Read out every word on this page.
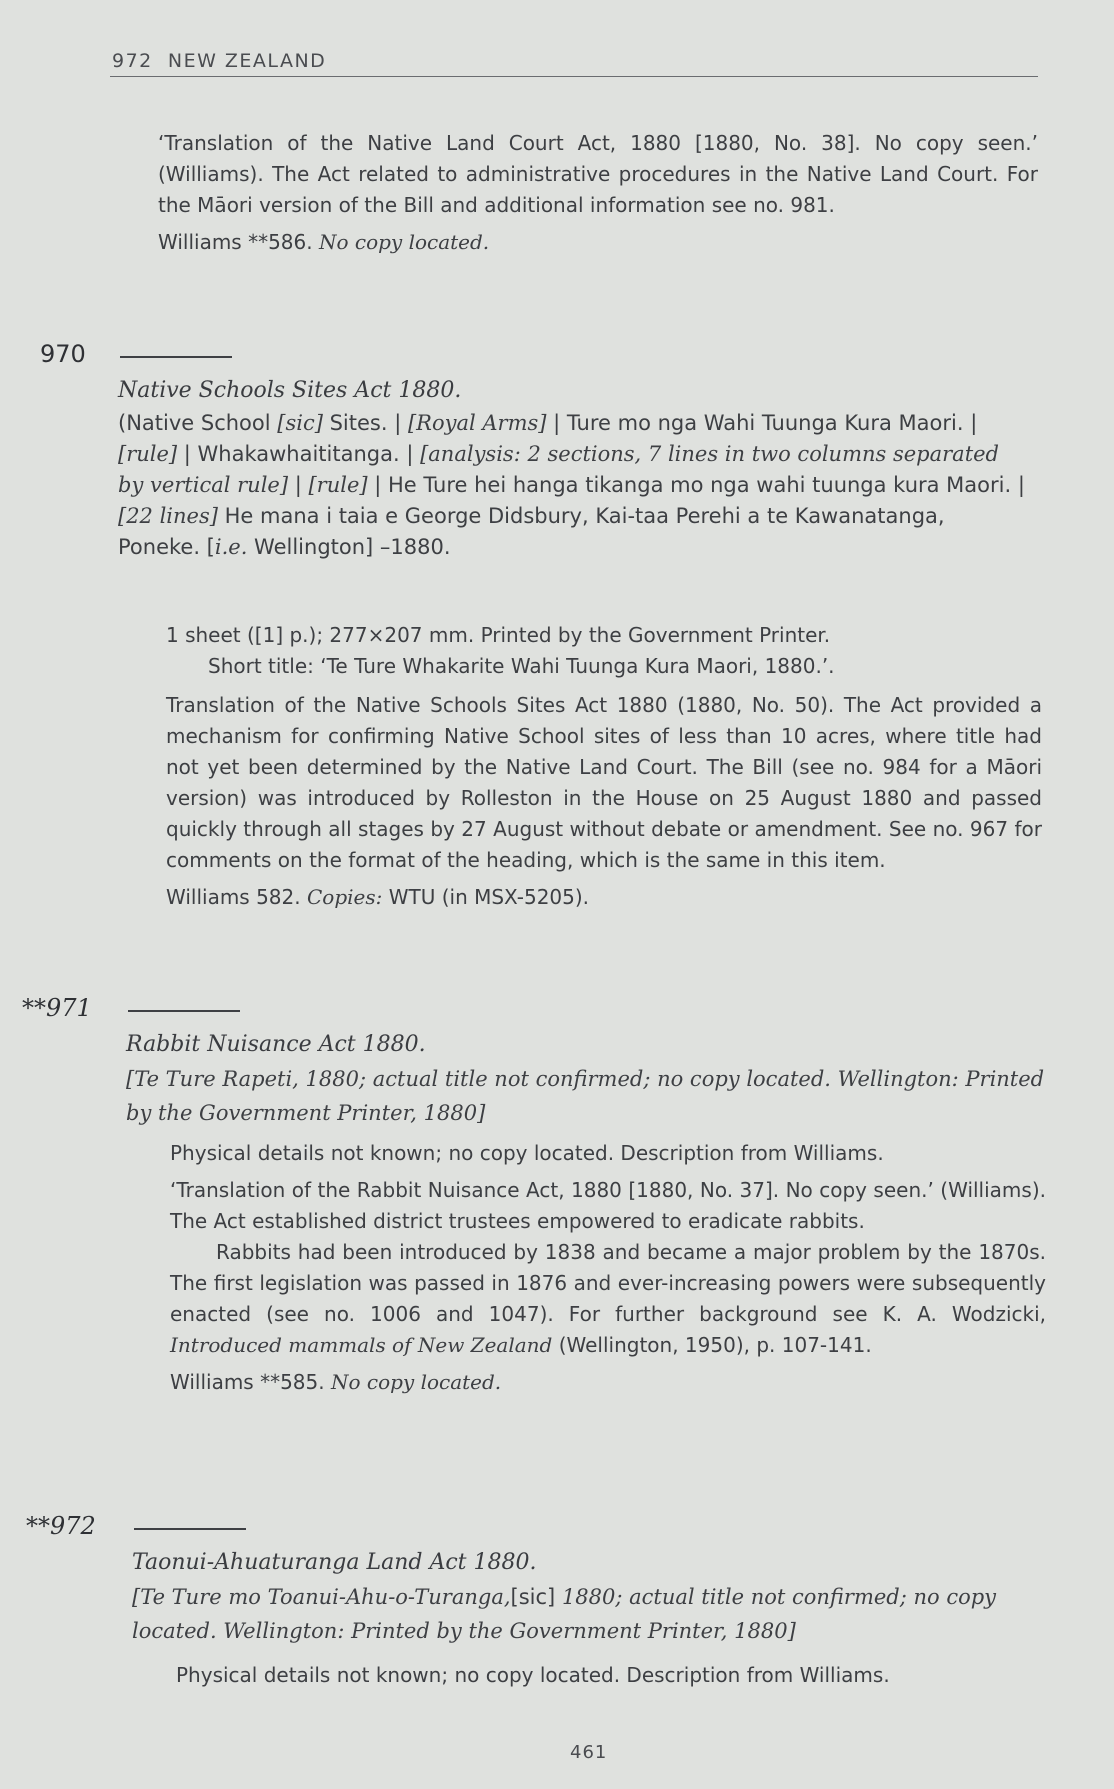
972 NEW ZEALAND

‘Translation of the Native Land Court Act, 1880 [1880, No. 38]. No copy seen.’ (Williams). The Act related to administrative procedures in the Native Land Court. For the Māori version of the Bill and additional information see no. 981.

Williams **586. No copy located.

970
Native Schools Sites Act 1880.

(Native School [sic] Sites. | [Royal Arms] | Ture mo nga Wahi Tuunga Kura Maori. | [rule] | Whakawhaititanga. | [analysis: 2 sections, 7 lines in two columns separated by vertical rule] | [rule] | He Ture hei hanga tikanga mo nga wahi tuunga kura Maori. | [22 lines] He mana i taia e George Didsbury, Kai-taa Perehi a te Kawanatanga, Poneke. [i.e. Wellington] –1880.

1 sheet ([1] p.); 277×207 mm. Printed by the Government Printer.

Short title: ‘Te Ture Whakarite Wahi Tuunga Kura Maori, 1880.’.

Translation of the Native Schools Sites Act 1880 (1880, No. 50). The Act provided a mechanism for confirming Native School sites of less than 10 acres, where title had not yet been determined by the Native Land Court. The Bill (see no. 984 for a Māori version) was introduced by Rolleston in the House on 25 August 1880 and passed quickly through all stages by 27 August without debate or amendment. See no. 967 for comments on the format of the heading, which is the same in this item.

Williams 582. Copies: WTU (in MSX-5205).

**971
Rabbit Nuisance Act 1880.

[Te Ture Rapeti, 1880; actual title not confirmed; no copy located. Wellington: Printed by the Government Printer, 1880]

Physical details not known; no copy located. Description from Williams.

‘Translation of the Rabbit Nuisance Act, 1880 [1880, No. 37]. No copy seen.’ (Williams). The Act established district trustees empowered to eradicate rabbits.

Rabbits had been introduced by 1838 and became a major problem by the 1870s. The first legislation was passed in 1876 and ever-increasing powers were subsequently enacted (see no. 1006 and 1047). For further background see K. A. Wodzicki, Introduced mammals of New Zealand (Wellington, 1950), p. 107-141.

Williams **585. No copy located.

**972
Taonui-Ahuaturanga Land Act 1880.

[Te Ture mo Toanui-Ahu-o-Turanga,[sic] 1880; actual title not confirmed; no copy located. Wellington: Printed by the Government Printer, 1880]

Physical details not known; no copy located. Description from Williams.

461
